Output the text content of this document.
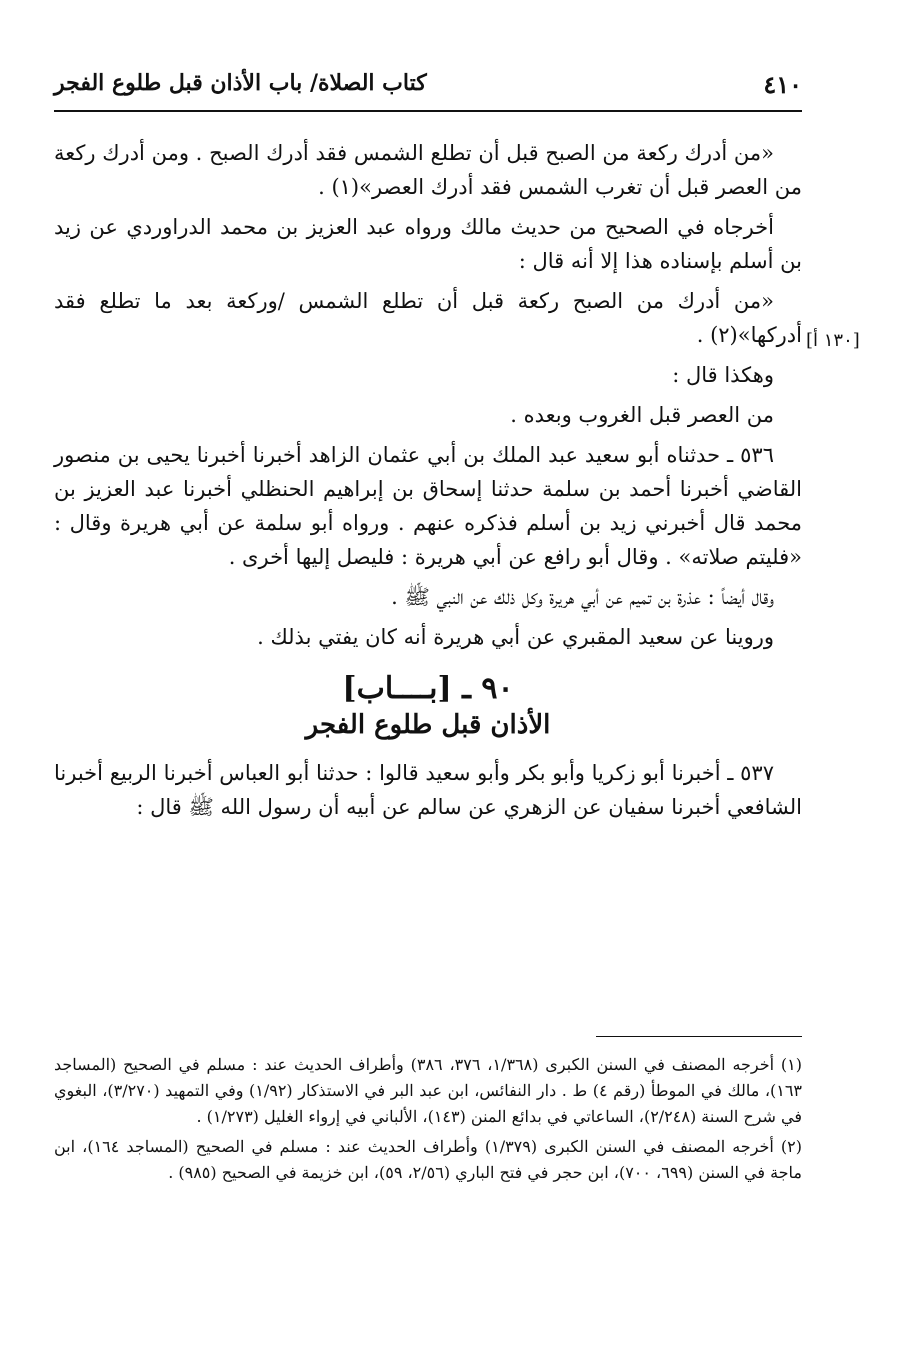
٤١٠
كتاب الصلاة/ باب الأذان قبل طلوع الفجر
[١٣٠ أ]

«من أدرك ركعة من الصبح قبل أن تطلع الشمس فقد أدرك الصبح . ومن أدرك ركعة من العصر قبل أن تغرب الشمس فقد أدرك العصر»(١) .

أخرجاه في الصحيح من حديث مالك ورواه عبد العزيز بن محمد الدراوردي عن زيد بن أسلم بإسناده هذا إلا أنه قال :

«من أدرك من الصبح ركعة قبل أن تطلع الشمس /وركعة بعد ما تطلع فقد أدركها»(٢) .

وهكذا قال :

من العصر قبل الغروب وبعده .

٥٣٦ ـ حدثناه أبو سعيد عبد الملك بن أبي عثمان الزاهد أخبرنا أخبرنا يحيى بن منصور القاضي أخبرنا أحمد بن سلمة حدثنا إسحاق بن إبراهيم الحنظلي أخبرنا عبد العزيز بن محمد قال أخبرني زيد بن أسلم فذكره عنهم . ورواه أبو سلمة عن أبي هريرة وقال : «فليتم صلاته» . وقال أبو رافع عن أبي هريرة : فليصل إليها أخرى .

وقال أيضاً : عذرة بن تميم عن أبي هريرة وكل ذلك عن النبي ﷺ .

وروينا عن سعيد المقبري عن أبي هريرة أنه كان يفتي بذلك .

٩٠ ـ [بــــاب]
الأذان قبل طلوع الفجر

٥٣٧ ـ أخبرنا أبو زكريا وأبو بكر وأبو سعيد قالوا : حدثنا أبو العباس أخبرنا الربيع أخبرنا الشافعي أخبرنا سفيان عن الزهري عن سالم عن أبيه أن رسول الله ﷺ قال :

(١) أخرجه المصنف في السنن الكبرى (١/٣٦٨، ٣٧٦، ٣٨٦) وأطراف الحديث عند : مسلم في الصحيح (المساجد ١٦٣)، مالك في الموطأ (رقم ٤) ط . دار النفائس، ابن عبد البر في الاستذكار (١/٩٢) وفي التمهيد (٣/٢٧٠)، البغوي في شرح السنة (٢/٢٤٨)، الساعاتي في بدائع المنن (١٤٣)، الألباني في إرواء الغليل (١/٢٧٣) .

(٢) أخرجه المصنف في السنن الكبرى (١/٣٧٩) وأطراف الحديث عند : مسلم في الصحيح (المساجد ١٦٤)، ابن ماجة في السنن (٦٩٩، ٧٠٠)، ابن حجر في فتح الباري (٢/٥٦، ٥٩)، ابن خزيمة في الصحيح (٩٨٥) .
